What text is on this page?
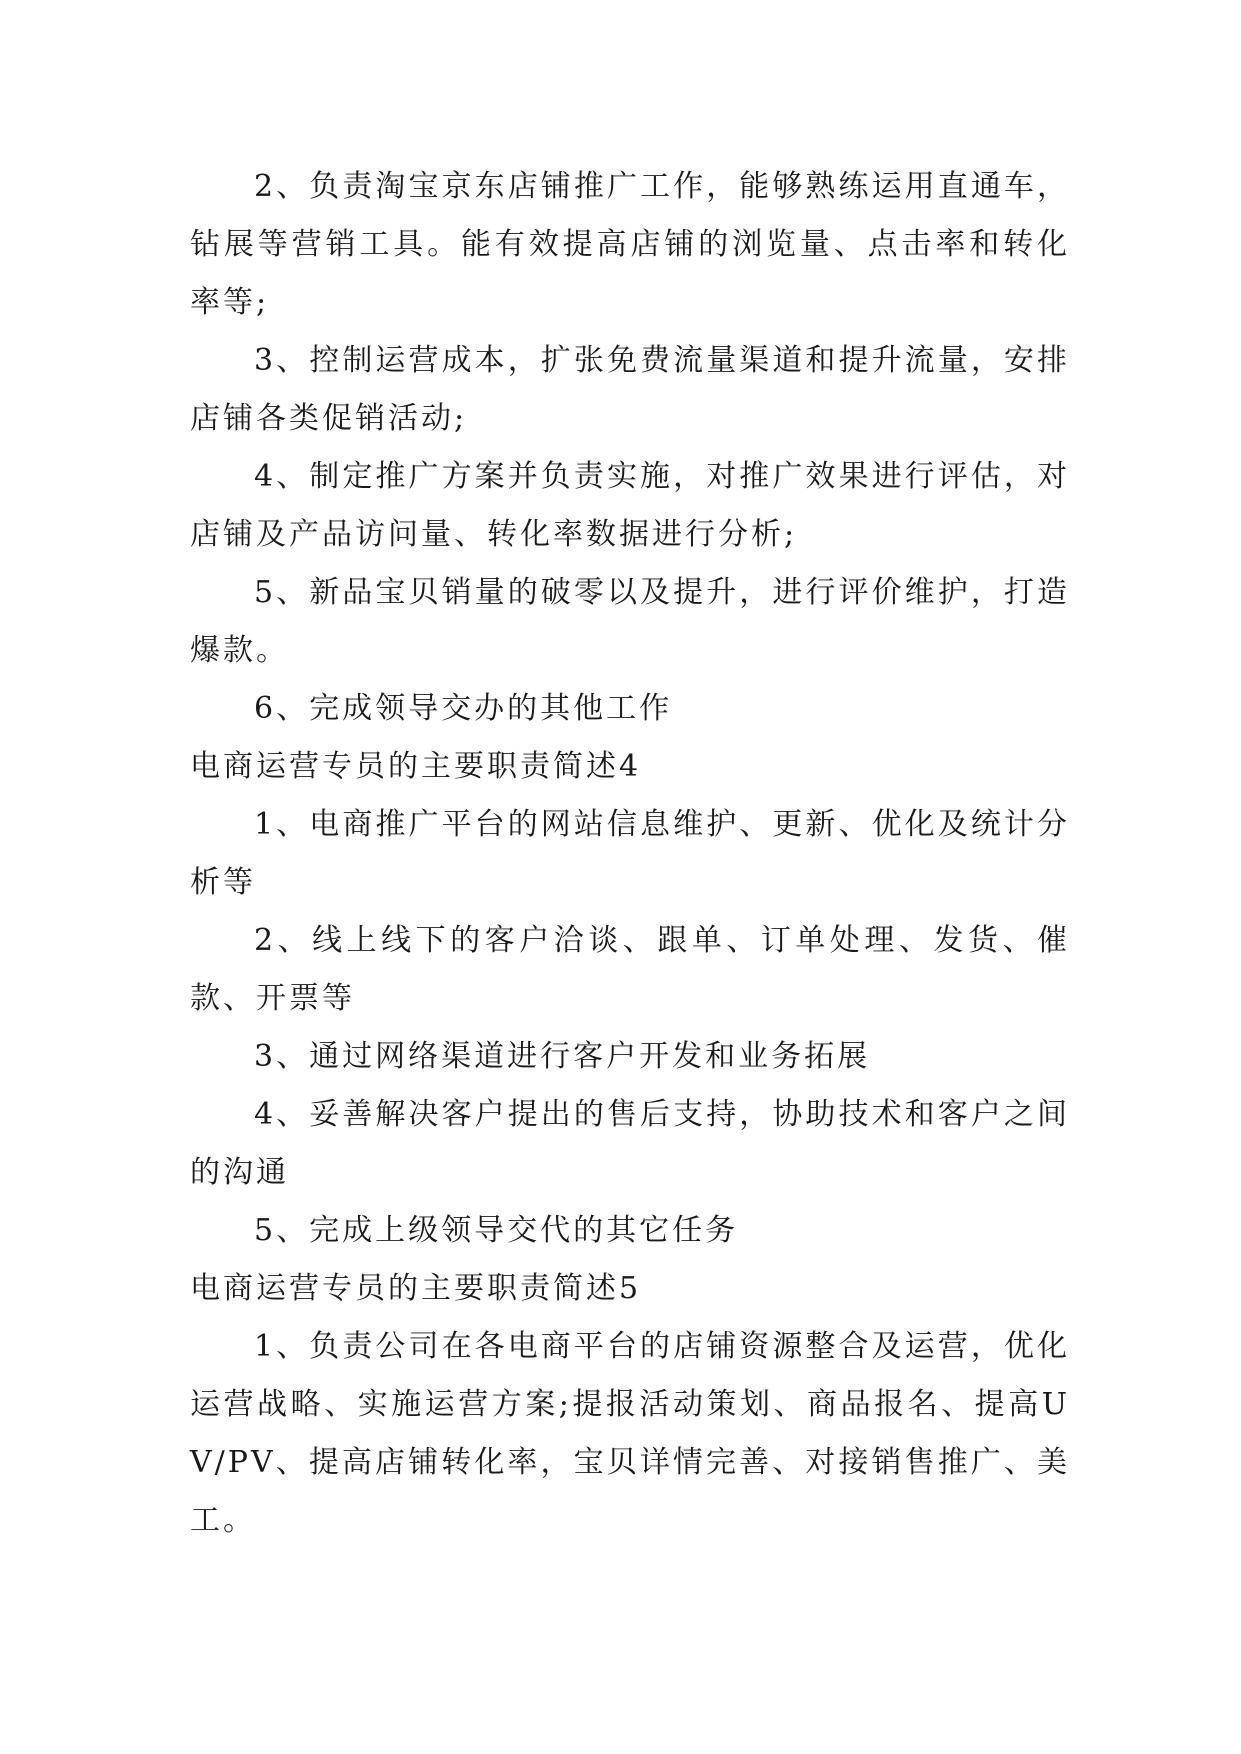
2、负责淘宝京东店铺推广工作，能够熟练运用直通车，钻展等营销工具。能有效提高店铺的浏览量、点击率和转化率等;

3、控制运营成本，扩张免费流量渠道和提升流量，安排店铺各类促销活动;

4、制定推广方案并负责实施，对推广效果进行评估，对店铺及产品访问量、转化率数据进行分析;

5、新品宝贝销量的破零以及提升，进行评价维护，打造爆款。

6、完成领导交办的其他工作

电商运营专员的主要职责简述4

1、电商推广平台的网站信息维护、更新、优化及统计分析等

2、线上线下的客户洽谈、跟单、订单处理、发货、催款、开票等

3、通过网络渠道进行客户开发和业务拓展

4、妥善解决客户提出的售后支持，协助技术和客户之间的沟通

5、完成上级领导交代的其它任务

电商运营专员的主要职责简述5

1、负责公司在各电商平台的店铺资源整合及运营，优化运营战略、实施运营方案;提报活动策划、商品报名、提高UV/PV、提高店铺转化率，宝贝详情完善、对接销售推广、美工。
